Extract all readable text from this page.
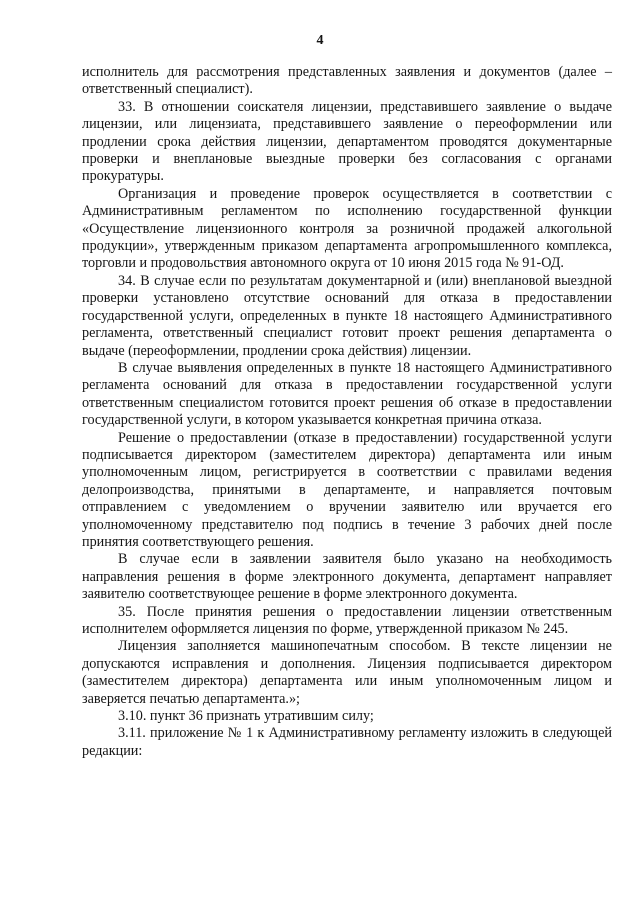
4

исполнитель для рассмотрения представленных заявления и документов (далее – ответственный специалист).

33. В отношении соискателя лицензии, представившего заявление о выдаче лицензии, или лицензиата, представившего заявление о переоформлении или продлении срока действия лицензии, департаментом проводятся документарные проверки и внеплановые выездные проверки без согласования с органами прокуратуры.

Организация и проведение проверок осуществляется в соответствии с Административным регламентом по исполнению государственной функции «Осуществление лицензионного контроля за розничной продажей алкогольной продукции», утвержденным приказом департамента агропромышленного комплекса, торговли и продовольствия автономного округа от 10 июня 2015 года № 91-ОД.

34. В случае если по результатам документарной и (или) внеплановой выездной проверки установлено отсутствие оснований для отказа в предоставлении государственной услуги, определенных в пункте 18 настоящего Административного регламента, ответственный специалист готовит проект решения департамента о выдаче (переоформлении, продлении срока действия) лицензии.

В случае выявления определенных в пункте 18 настоящего Административного регламента оснований для отказа в предоставлении государственной услуги ответственным специалистом готовится проект решения об отказе в предоставлении государственной услуги, в котором указывается конкретная причина отказа.

Решение о предоставлении (отказе в предоставлении) государственной услуги подписывается директором (заместителем директора) департамента или иным уполномоченным лицом, регистрируется в соответствии с правилами ведения делопроизводства, принятыми в департаменте, и направляется почтовым отправлением с уведомлением о вручении заявителю или вручается его уполномоченному представителю под подпись в течение 3 рабочих дней после принятия соответствующего решения.

В случае если в заявлении заявителя было указано на необходимость направления решения в форме электронного документа, департамент направляет заявителю соответствующее решение в форме электронного документа.

35. После принятия решения о предоставлении лицензии ответственным исполнителем оформляется лицензия по форме, утвержденной приказом № 245.

Лицензия заполняется машинопечатным способом. В тексте лицензии не допускаются исправления и дополнения. Лицензия подписывается директором (заместителем директора) департамента или иным уполномоченным лицом и заверяется печатью департамента.»;

3.10. пункт 36 признать утратившим силу;

3.11. приложение № 1 к Административному регламенту изложить в следующей редакции:
